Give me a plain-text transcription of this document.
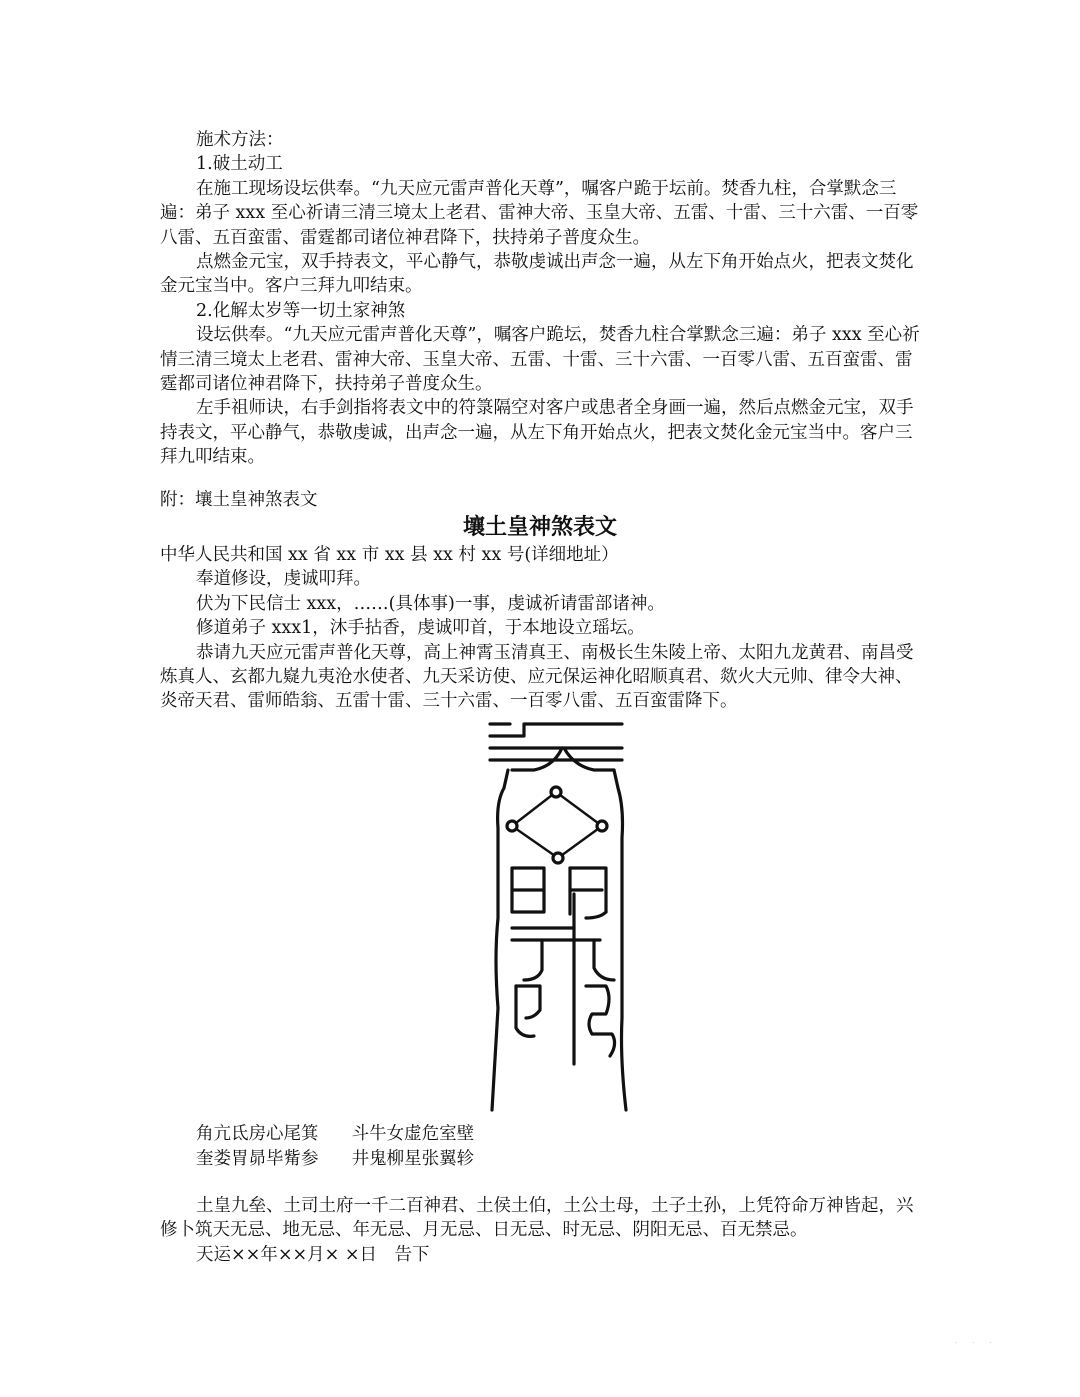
施术方法：

1.破土动工

在施工现场设坛供奉。“九天应元雷声普化天尊”，嘱客户跪于坛前。焚香九柱，合掌默念三遍：弟子 xxx 至心祈请三清三境太上老君、雷神大帝、玉皇大帝、五雷、十雷、三十六雷、一百零八雷、五百蛮雷、雷霆都司诸位神君降下，扶持弟子普度众生。

点燃金元宝，双手持表文，平心静气，恭敬虔诚出声念一遍，从左下角开始点火，把表文焚化金元宝当中。客户三拜九叩结束。

2.化解太岁等一切土家神煞

设坛供奉。“九天应元雷声普化天尊”，嘱客户跪坛，焚香九柱合掌默念三遍：弟子 xxx 至心祈情三清三境太上老君、雷神大帝、玉皇大帝、五雷、十雷、三十六雷、一百零八雷、五百蛮雷、雷霆都司诸位神君降下，扶持弟子普度众生。

左手祖师诀，右手剑指将表文中的符箓隔空对客户或患者全身画一遍，然后点燃金元宝，双手持表文，平心静气，恭敬虔诚，出声念一遍，从左下角开始点火，把表文焚化金元宝当中。客户三拜九叩结束。

附：壤土皇神煞表文

壤土皇神煞表文

中华人民共和国 xx 省 xx 市 xx 县 xx 村 xx 号(详细地址）

奉道修设，虔诚叩拜。

伏为下民信士 xxx，……(具体事)一事，虔诚祈请雷部诸神。

修道弟子 xxx1，沐手拈香，虔诚叩首，于本地设立瑶坛。

恭请九天应元雷声普化天尊，高上神霄玉清真王、南极长生朱陵上帝、太阳九龙黄君、南昌受炼真人、玄都九嶷九夷沧水使者、九天采访使、应元保运神化昭顺真君、欻火大元帅、律令大神、炎帝天君、雷师皓翁、五雷十雷、三十六雷、一百零八雷、五百蛮雷降下。

角亢氐房心尾箕 斗牛女虚危室壁
奎娄胃昴毕觜参 井鬼柳星张翼轸

土皇九垒、土司土府一千二百神君、土侯土伯，土公土母，土子土孙，上凭符命万神皆起，兴修卜筑天无忌、地无忌、年无忌、月无忌、日无忌、时无忌、阴阳无忌、百无禁忌。

天运××年××月× ×日　告下

. . .
